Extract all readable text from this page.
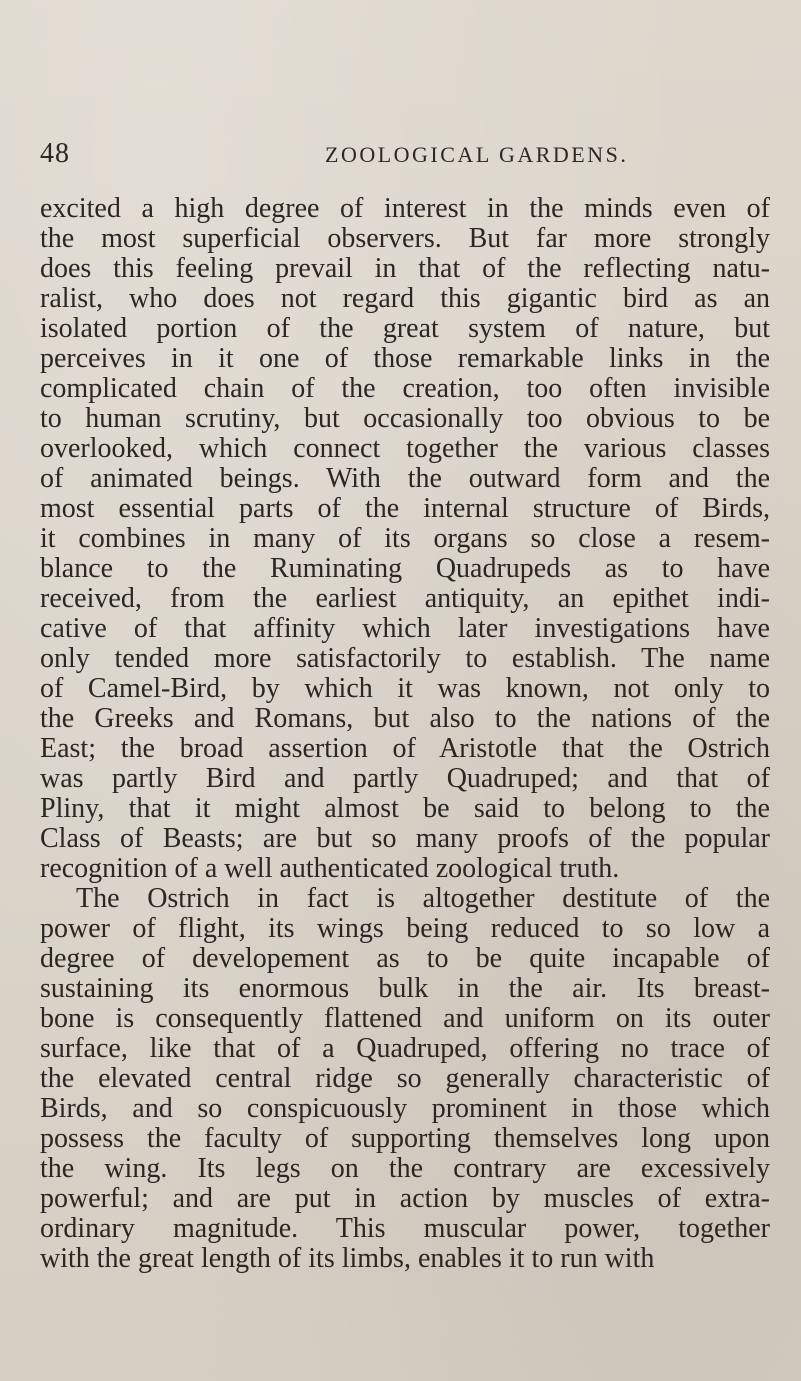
48	ZOOLOGICAL GARDENS.
excited a high degree of interest in the minds even of
the most superficial observers. But far more strongly
does this feeling prevail in that of the reflecting natu-
ralist, who does not regard this gigantic bird as an
isolated portion of the great system of nature, but
perceives in it one of those remarkable links in the
complicated chain of the creation, too often invisible
to human scrutiny, but occasionally too obvious to be
overlooked, which connect together the various classes
of animated beings. With the outward form and the
most essential parts of the internal structure of Birds,
it combines in many of its organs so close a resem-
blance to the Ruminating Quadrupeds as to have
received, from the earliest antiquity, an epithet indi-
cative of that affinity which later investigations have
only tended more satisfactorily to establish. The name
of Camel-Bird, by which it was known, not only to
the Greeks and Romans, but also to the nations of the
East; the broad assertion of Aristotle that the Ostrich
was partly Bird and partly Quadruped; and that of
Pliny, that it might almost be said to belong to the
Class of Beasts; are but so many proofs of the popular
recognition of a well authenticated zoological truth.
The Ostrich in fact is altogether destitute of the
power of flight, its wings being reduced to so low a
degree of developement as to be quite incapable of
sustaining its enormous bulk in the air. Its breast-
bone is consequently flattened and uniform on its outer
surface, like that of a Quadruped, offering no trace of
the elevated central ridge so generally characteristic of
Birds, and so conspicuously prominent in those which
possess the faculty of supporting themselves long upon
the wing. Its legs on the contrary are excessively
powerful; and are put in action by muscles of extra-
ordinary magnitude. This muscular power, together
with the great length of its limbs, enables it to run with
